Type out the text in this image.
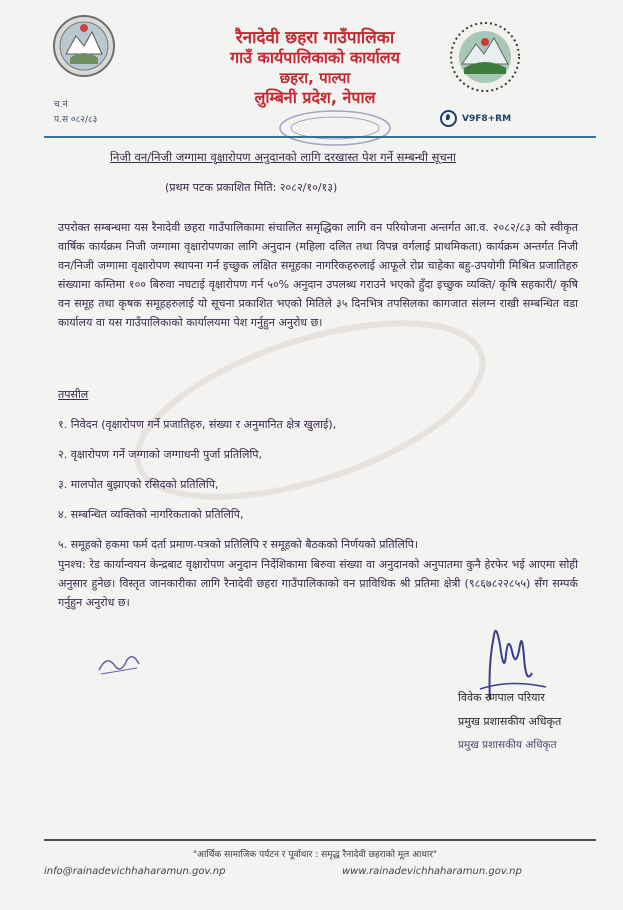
रैनादेवी छहरा गाउँपालिका
गाउँ कार्यपालिकाको कार्यालय
छहरा, पाल्पा
लुम्बिनी प्रदेश, नेपाल
च.नं
प.स ०८२/८३	V9F8+RM
निजी वन/निजी जग्गामा वृक्षारोपण अनुदानको लागि दरखास्त पेश गर्ने सम्बन्धी सूचना
(प्रथम पटक प्रकाशित मिति: २०८२/१०/१३)
उपरोक्त सम्बन्धमा यस रैनादेवी छहरा गाउँपालिकामा संचालित समृद्धिका लागि वन परियोजना अन्तर्गत आ.व. २०८२/८३ को स्वीकृत वार्षिक कार्यक्रम निजी जग्गामा वृक्षारोपणका लागि अनुदान (महिला दलित तथा विपन्न वर्गलाई प्राथमिकता) कार्यक्रम अन्तर्गत निजी वन/निजी जग्गामा वृक्षारोपण स्थापना गर्न इच्छुक लक्षित समूहका नागरिकहरुलाई आफूले रोप्न चाहेका बहु-उपयोगी मिश्रित प्रजातिहरु संख्यामा कम्तिमा १०० बिरुवा नघटाई वृक्षारोपण गर्न ५०% अनुदान उपलब्ध गराउने भएको हुँदा इच्छुक व्यक्ति/ कृषि सहकारी/ कृषि वन समूह तथा कृषक समूहहरुलाई यो सूचना प्रकाशित भएको मितिले ३५ दिनभित्र तपसिलका कागजात संलग्न राखी सम्बन्धित वडा कार्यालय वा यस गाउँपालिकाको कार्यालयमा पेश गर्नुहुन अनुरोध छ।
तपसील
१. निवेदन (वृक्षारोपण गर्ने प्रजातिहरु, संख्या र अनुमानित क्षेत्र खुलाई),
२. वृक्षारोपण गर्ने जग्गाको जग्गाधनी पुर्जा प्रतिलिपि,
३. मालपोत बुझाएको रसिदको प्रतिलिपि,
४. सम्बन्धित व्यक्तिको नागरिकताको प्रतिलिपि,
५. समूहको हकमा फर्म दर्ता प्रमाण-पत्रको प्रतिलिपि र समूहको बैठकको निर्णयको प्रतिलिपि।
पुनश्च: रेड कार्यान्वयन केन्द्रबाट वृक्षारोपण अनुदान निर्देशिकामा बिरुवा संख्या वा अनुदानको अनुपातमा कुनै हेरफेर भई आएमा सोही अनुसार हुनेछ। विस्तृत जानकारीका लागि रैनादेवी छहरा गाउँपालिकाको वन प्राविधिक श्री प्रतिमा क्षेत्री (९८६७८२२८५५) सँग सम्पर्क गर्नुहुन अनुरोध छ।
विवेक रणपाल परियार
प्रमुख प्रशासकीय अधिकृत
प्रमुख प्रशासकीय अधिकृत
"आर्थिक सामाजिक पर्यटन र पूर्वाधार : समृद्ध रैनादेवी छहराको मूल आधार"
info@rainadevichhaharamun.gov.np	www.rainadevichhaharamun.gov.np
